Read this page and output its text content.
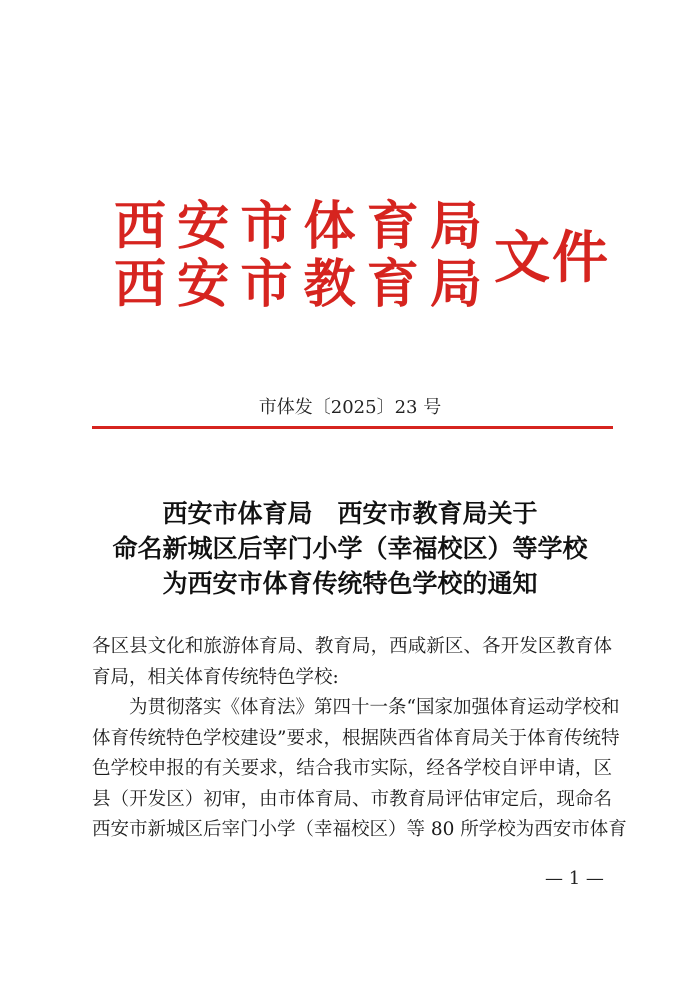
西 安 市 体 育 局
西 安 市 教 育 局 文件
市体发〔2025〕23 号
西安市体育局　西安市教育局关于
命名新城区后宰门小学（幸福校区）等学校
为西安市体育传统特色学校的通知

各区县文化和旅游体育局、教育局，西咸新区、各开发区教育体

育局，相关体育传统特色学校:

为贯彻落实《体育法》第四十一条“国家加强体育运动学校和

体育传统特色学校建设”要求，根据陕西省体育局关于体育传统特

色学校申报的有关要求，结合我市实际，经各学校自评申请，区

县（开发区）初审，由市体育局、市教育局评估审定后，现命名

西安市新城区后宰门小学（幸福校区）等 80 所学校为西安市体育

— 1 —
